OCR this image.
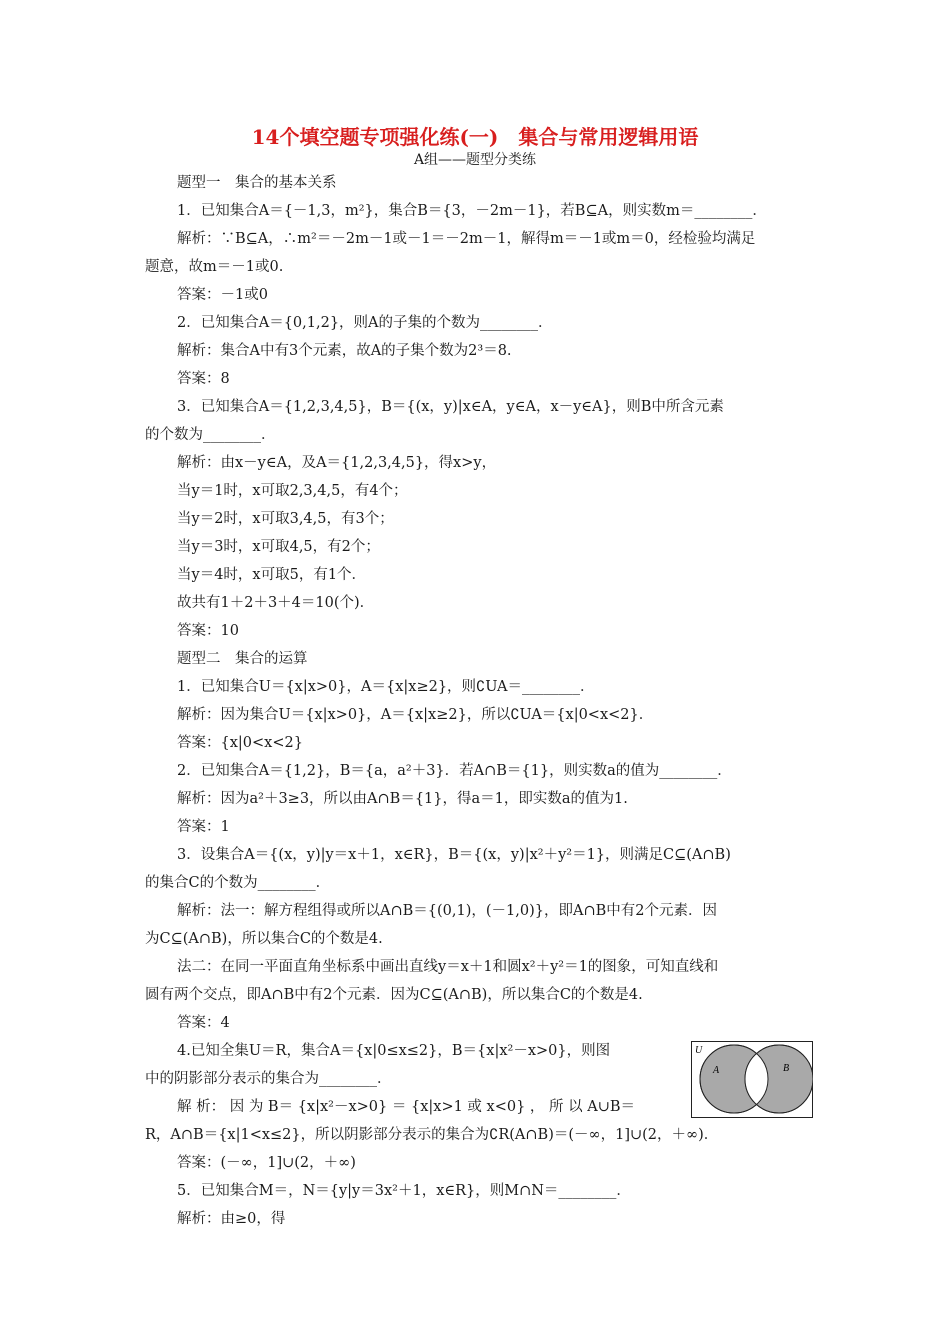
14个填空题专项强化练(一)　集合与常用逻辑用语
A组——题型分类练
题型一　集合的基本关系
1．已知集合A＝{－1,3，m²}，集合B＝{3，－2m－1}，若B⊆A，则实数m＝________．
解析：∵B⊆A，∴m²＝－2m－1或－1＝－2m－1，解得m＝－1或m＝0，经检验均满足
题意，故m＝－1或0.
答案：－1或0
2．已知集合A＝{0,1,2}，则A的子集的个数为________．
解析：集合A中有3个元素，故A的子集个数为2³＝8.
答案：8
3．已知集合A＝{1,2,3,4,5}，B＝{(x，y)|x∈A，y∈A，x－y∈A}，则B中所含元素
的个数为________．
解析：由x－y∈A，及A＝{1,2,3,4,5}，得x>y，
当y＝1时，x可取2,3,4,5，有4个；
当y＝2时，x可取3,4,5，有3个；
当y＝3时，x可取4,5，有2个；
当y＝4时，x可取5，有1个．
故共有1＋2＋3＋4＝10(个)．
答案：10
题型二　集合的运算
1．已知集合U＝{x|x>0}，A＝{x|x≥2}，则∁UA＝________．
解析：因为集合U＝{x|x>0}，A＝{x|x≥2}，所以∁UA＝{x|0<x<2}．
答案：{x|0<x<2}
2．已知集合A＝{1,2}，B＝{a，a²＋3}．若A∩B＝{1}，则实数a的值为________．
解析：因为a²＋3≥3，所以由A∩B＝{1}，得a＝1，即实数a的值为1.
答案：1
3．设集合A＝{(x，y)|y＝x＋1，x∈R}，B＝{(x，y)|x²＋y²＝1}，则满足C⊆(A∩B)
的集合C的个数为________．
解析：法一：解方程组得或所以A∩B＝{(0,1)，(－1,0)}，即A∩B中有2个元素．因
为C⊆(A∩B)，所以集合C的个数是4.
法二：在同一平面直角坐标系中画出直线y＝x＋1和圆x²＋y²＝1的图象，可知直线和
圆有两个交点，即A∩B中有2个元素．因为C⊆(A∩B)，所以集合C的个数是4.
答案：4
4.已知全集U＝R，集合A＝{x|0≤x≤2}，B＝{x|x²－x>0}，则图
中的阴影部分表示的集合为________．
解 析： 因 为 B＝ {x|x²－x>0} ＝ {x|x>1 或 x<0} ， 所 以 A∪B＝
R，A∩B＝{x|1<x≤2}，所以阴影部分表示的集合为∁R(A∩B)＝(－∞，1]∪(2，＋∞)．
答案：(－∞，1]∪(2，＋∞)
5．已知集合M＝，N＝{y|y＝3x²＋1，x∈R}，则M∩N＝________．
解析：由≥0，得
U
A	B
